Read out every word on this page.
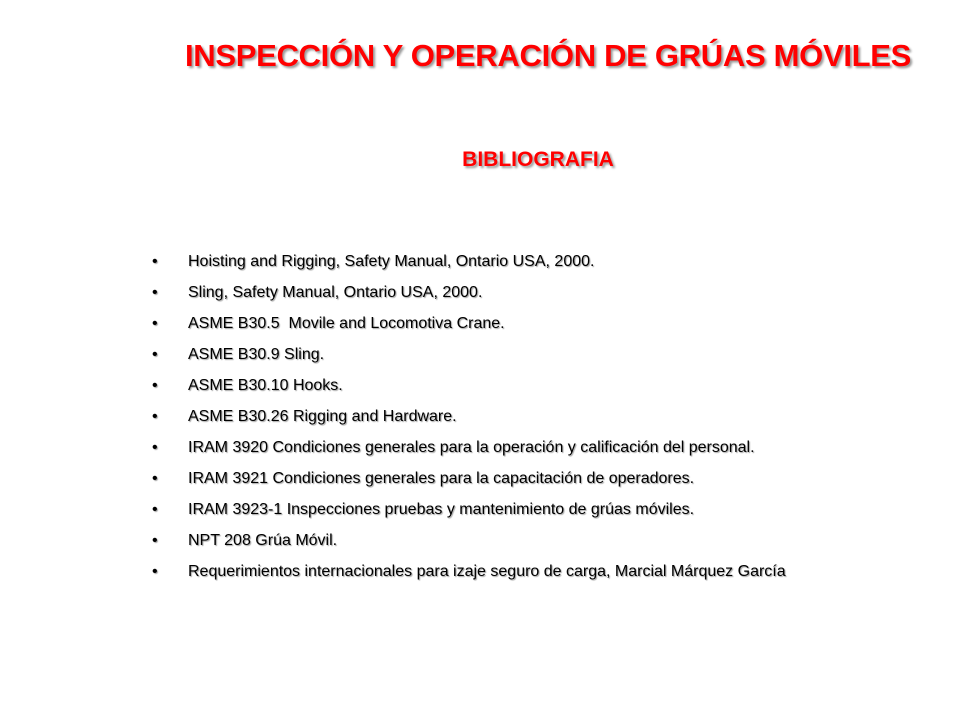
INSPECCIÓN Y OPERACIÓN DE GRÚAS MÓVILES
BIBLIOGRAFIA
• Hoisting and Rigging, Safety Manual, Ontario USA, 2000.
• Sling, Safety Manual, Ontario USA, 2000.
• ASME B30.5  Movile and Locomotiva Crane.
• ASME B30.9 Sling.
• ASME B30.10 Hooks.
• ASME B30.26 Rigging and Hardware.
• IRAM 3920 Condiciones generales para la operación y calificación del personal.
• IRAM 3921 Condiciones generales para la capacitación de operadores.
• IRAM 3923-1 Inspecciones pruebas y mantenimiento de grúas móviles.
• NPT 208 Grúa Móvil.
• Requerimientos internacionales para izaje seguro de carga, Marcial Márquez García
